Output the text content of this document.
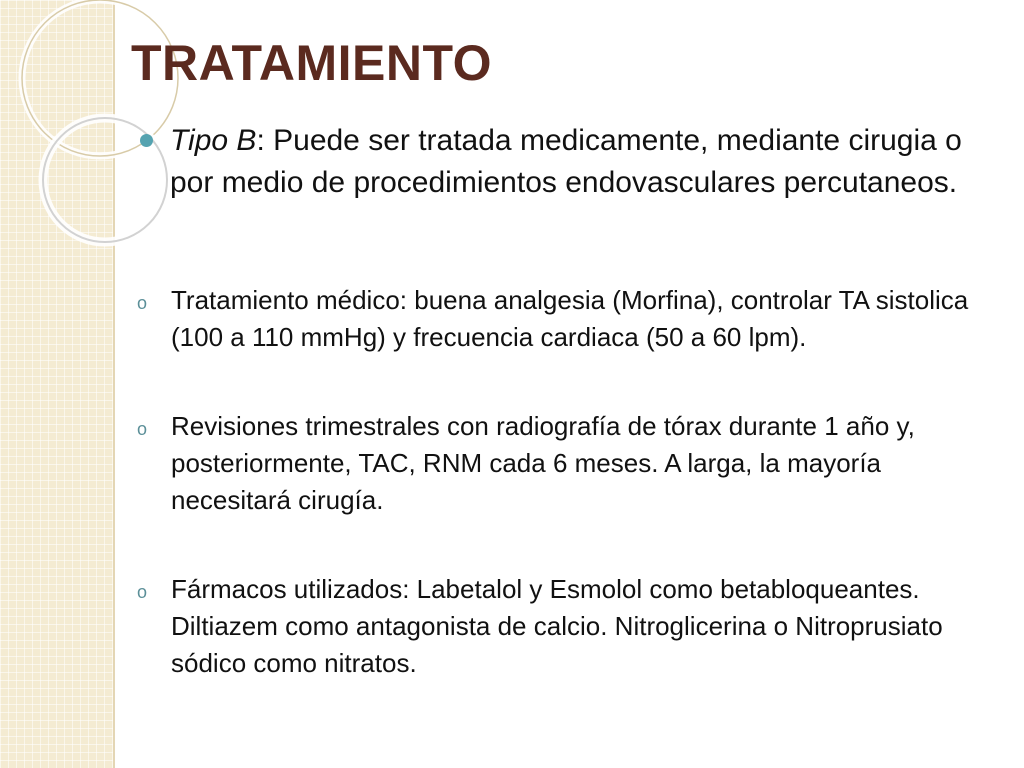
TRATAMIENTO
Tipo B: Puede ser tratada medicamente, mediante cirugia o por medio de procedimientos endovasculares percutaneos.
o Tratamiento médico: buena analgesia (Morfina), controlar TA sistolica (100 a 110 mmHg) y frecuencia cardiaca (50 a 60 lpm).
o Revisiones trimestrales con radiografía de tórax durante 1 año y, posteriormente, TAC, RNM cada 6 meses. A larga, la mayoría necesitará cirugía.
o Fármacos utilizados: Labetalol y Esmolol como betabloqueantes. Diltiazem como antagonista de calcio. Nitroglicerina o Nitroprusiato sódico como nitratos.
